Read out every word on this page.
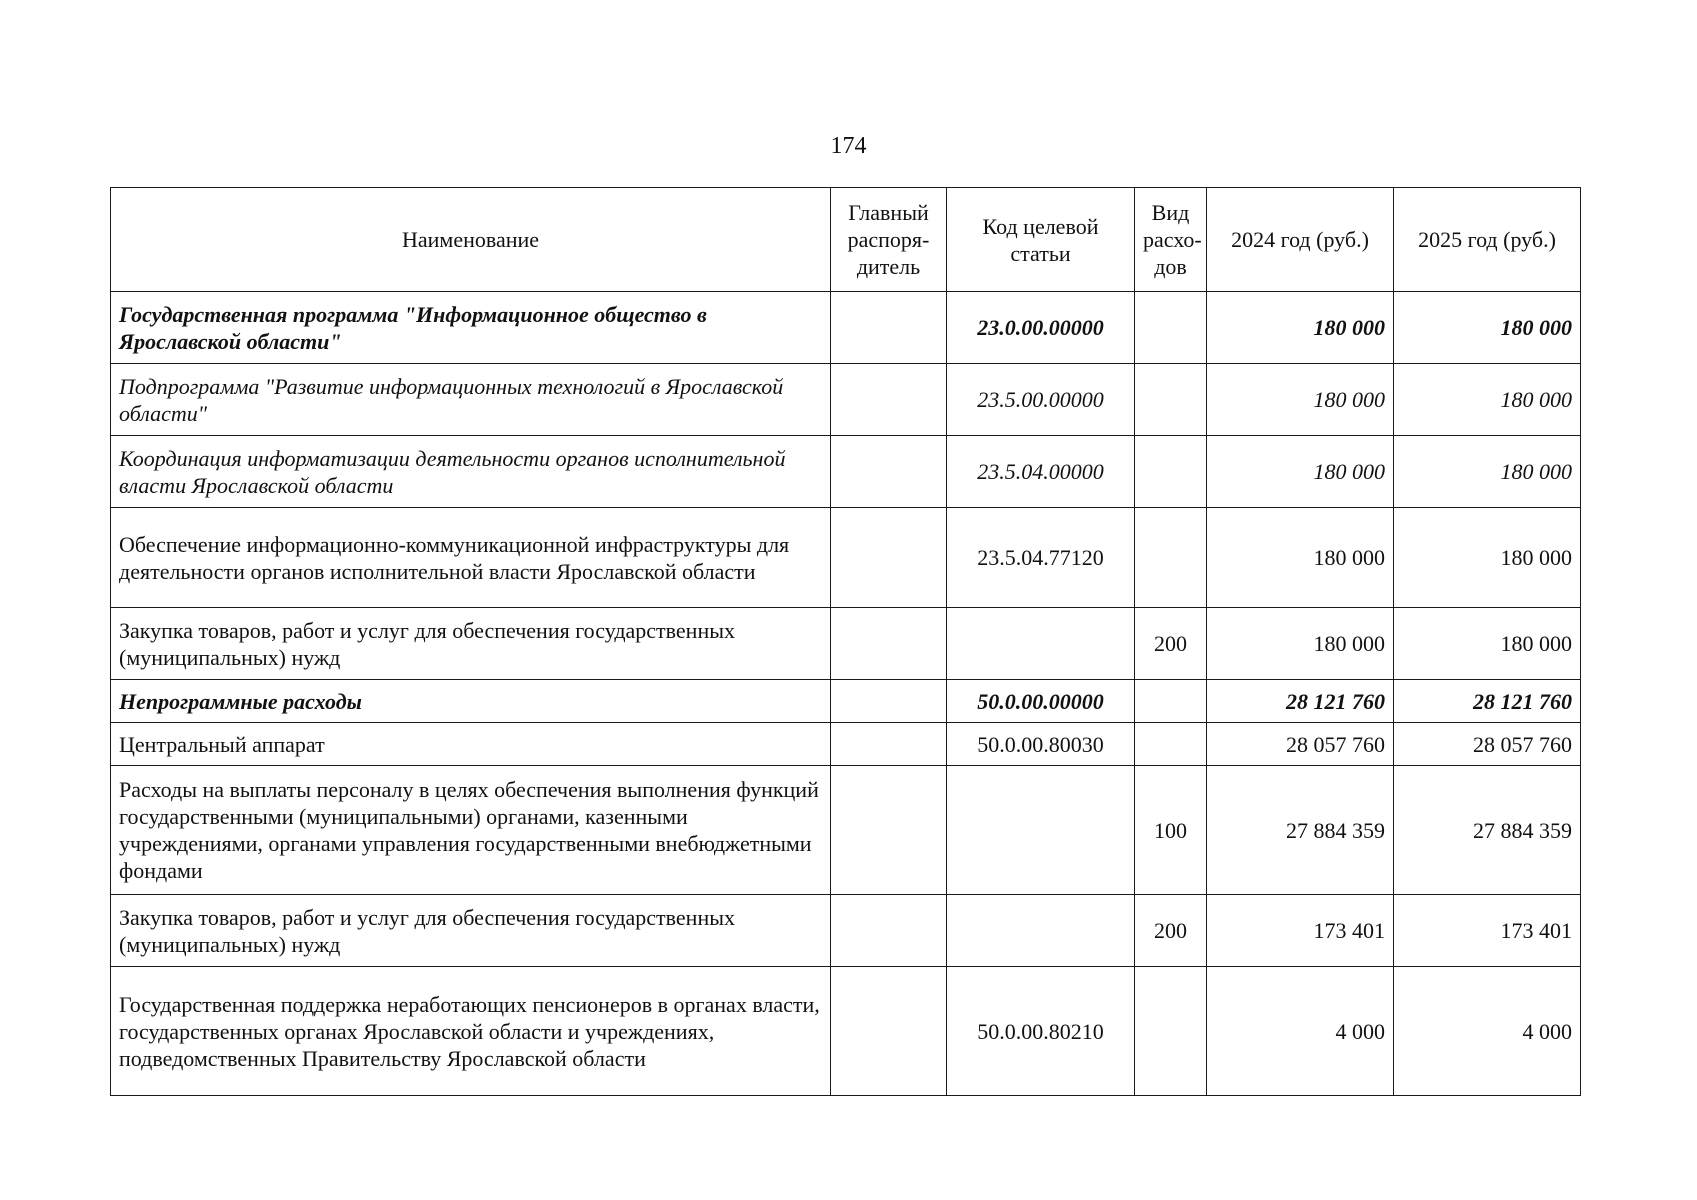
174
Наименование	Главный распоря-дитель	Код целевой статьи	Вид расхо-дов	2024 год (руб.)	2025 год (руб.)
Государственная программа "Информационное общество в Ярославской области"		23.0.00.00000		180 000	180 000
Подпрограмма "Развитие информационных технологий в Ярославской области"		23.5.00.00000		180 000	180 000
Координация информатизации деятельности органов исполнительной власти Ярославской области		23.5.04.00000		180 000	180 000
Обеспечение информационно-коммуникационной инфраструктуры для деятельности органов исполнительной власти Ярославской области		23.5.04.77120		180 000	180 000
Закупка товаров, работ и услуг для обеспечения государственных (муниципальных) нужд			200	180 000	180 000
Непрограммные расходы		50.0.00.00000		28 121 760	28 121 760
Центральный аппарат		50.0.00.80030		28 057 760	28 057 760
Расходы на выплаты персоналу в целях обеспечения выполнения функций государственными (муниципальными) органами, казенными учреждениями, органами управления государственными внебюджетными фондами			100	27 884 359	27 884 359
Закупка товаров, работ и услуг для обеспечения государственных (муниципальных) нужд			200	173 401	173 401
Государственная поддержка неработающих пенсионеров в органах власти, государственных органах Ярославской области и учреждениях, подведомственных Правительству Ярославской области		50.0.00.80210		4 000	4 000
